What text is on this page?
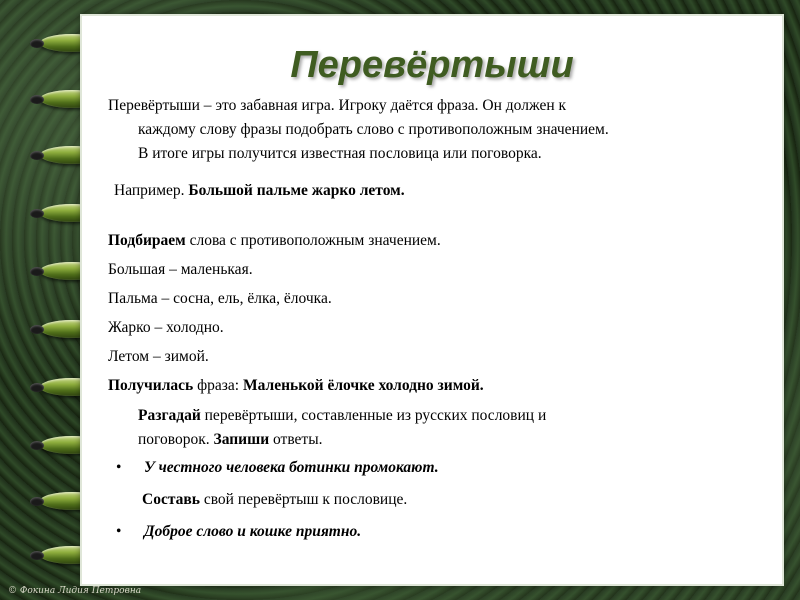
Перевёртыши

Перевёртыши – это забавная игра. Игроку даётся фраза. Он должен к
каждому слову фразы подобрать слово с противоположным значением.
В итоге игры получится известная пословица или поговорка.

Например. Большой пальме жарко летом.

Подбираем слова с противоположным значением.

Большая – маленькая.

Пальма – сосна, ель, ёлка, ёлочка.

Жарко – холодно.

Летом – зимой.

Получилась фраза: Маленькой ёлочке холодно зимой.

Разгадай перевёртыши, составленные из русских пословиц и
поговорок. Запиши ответы.

• У честного человека ботинки промокают.
Составь свой перевёртыш к пословице.
• Доброе слово и кошке приятно.
© Фокина Лидия Петровна
